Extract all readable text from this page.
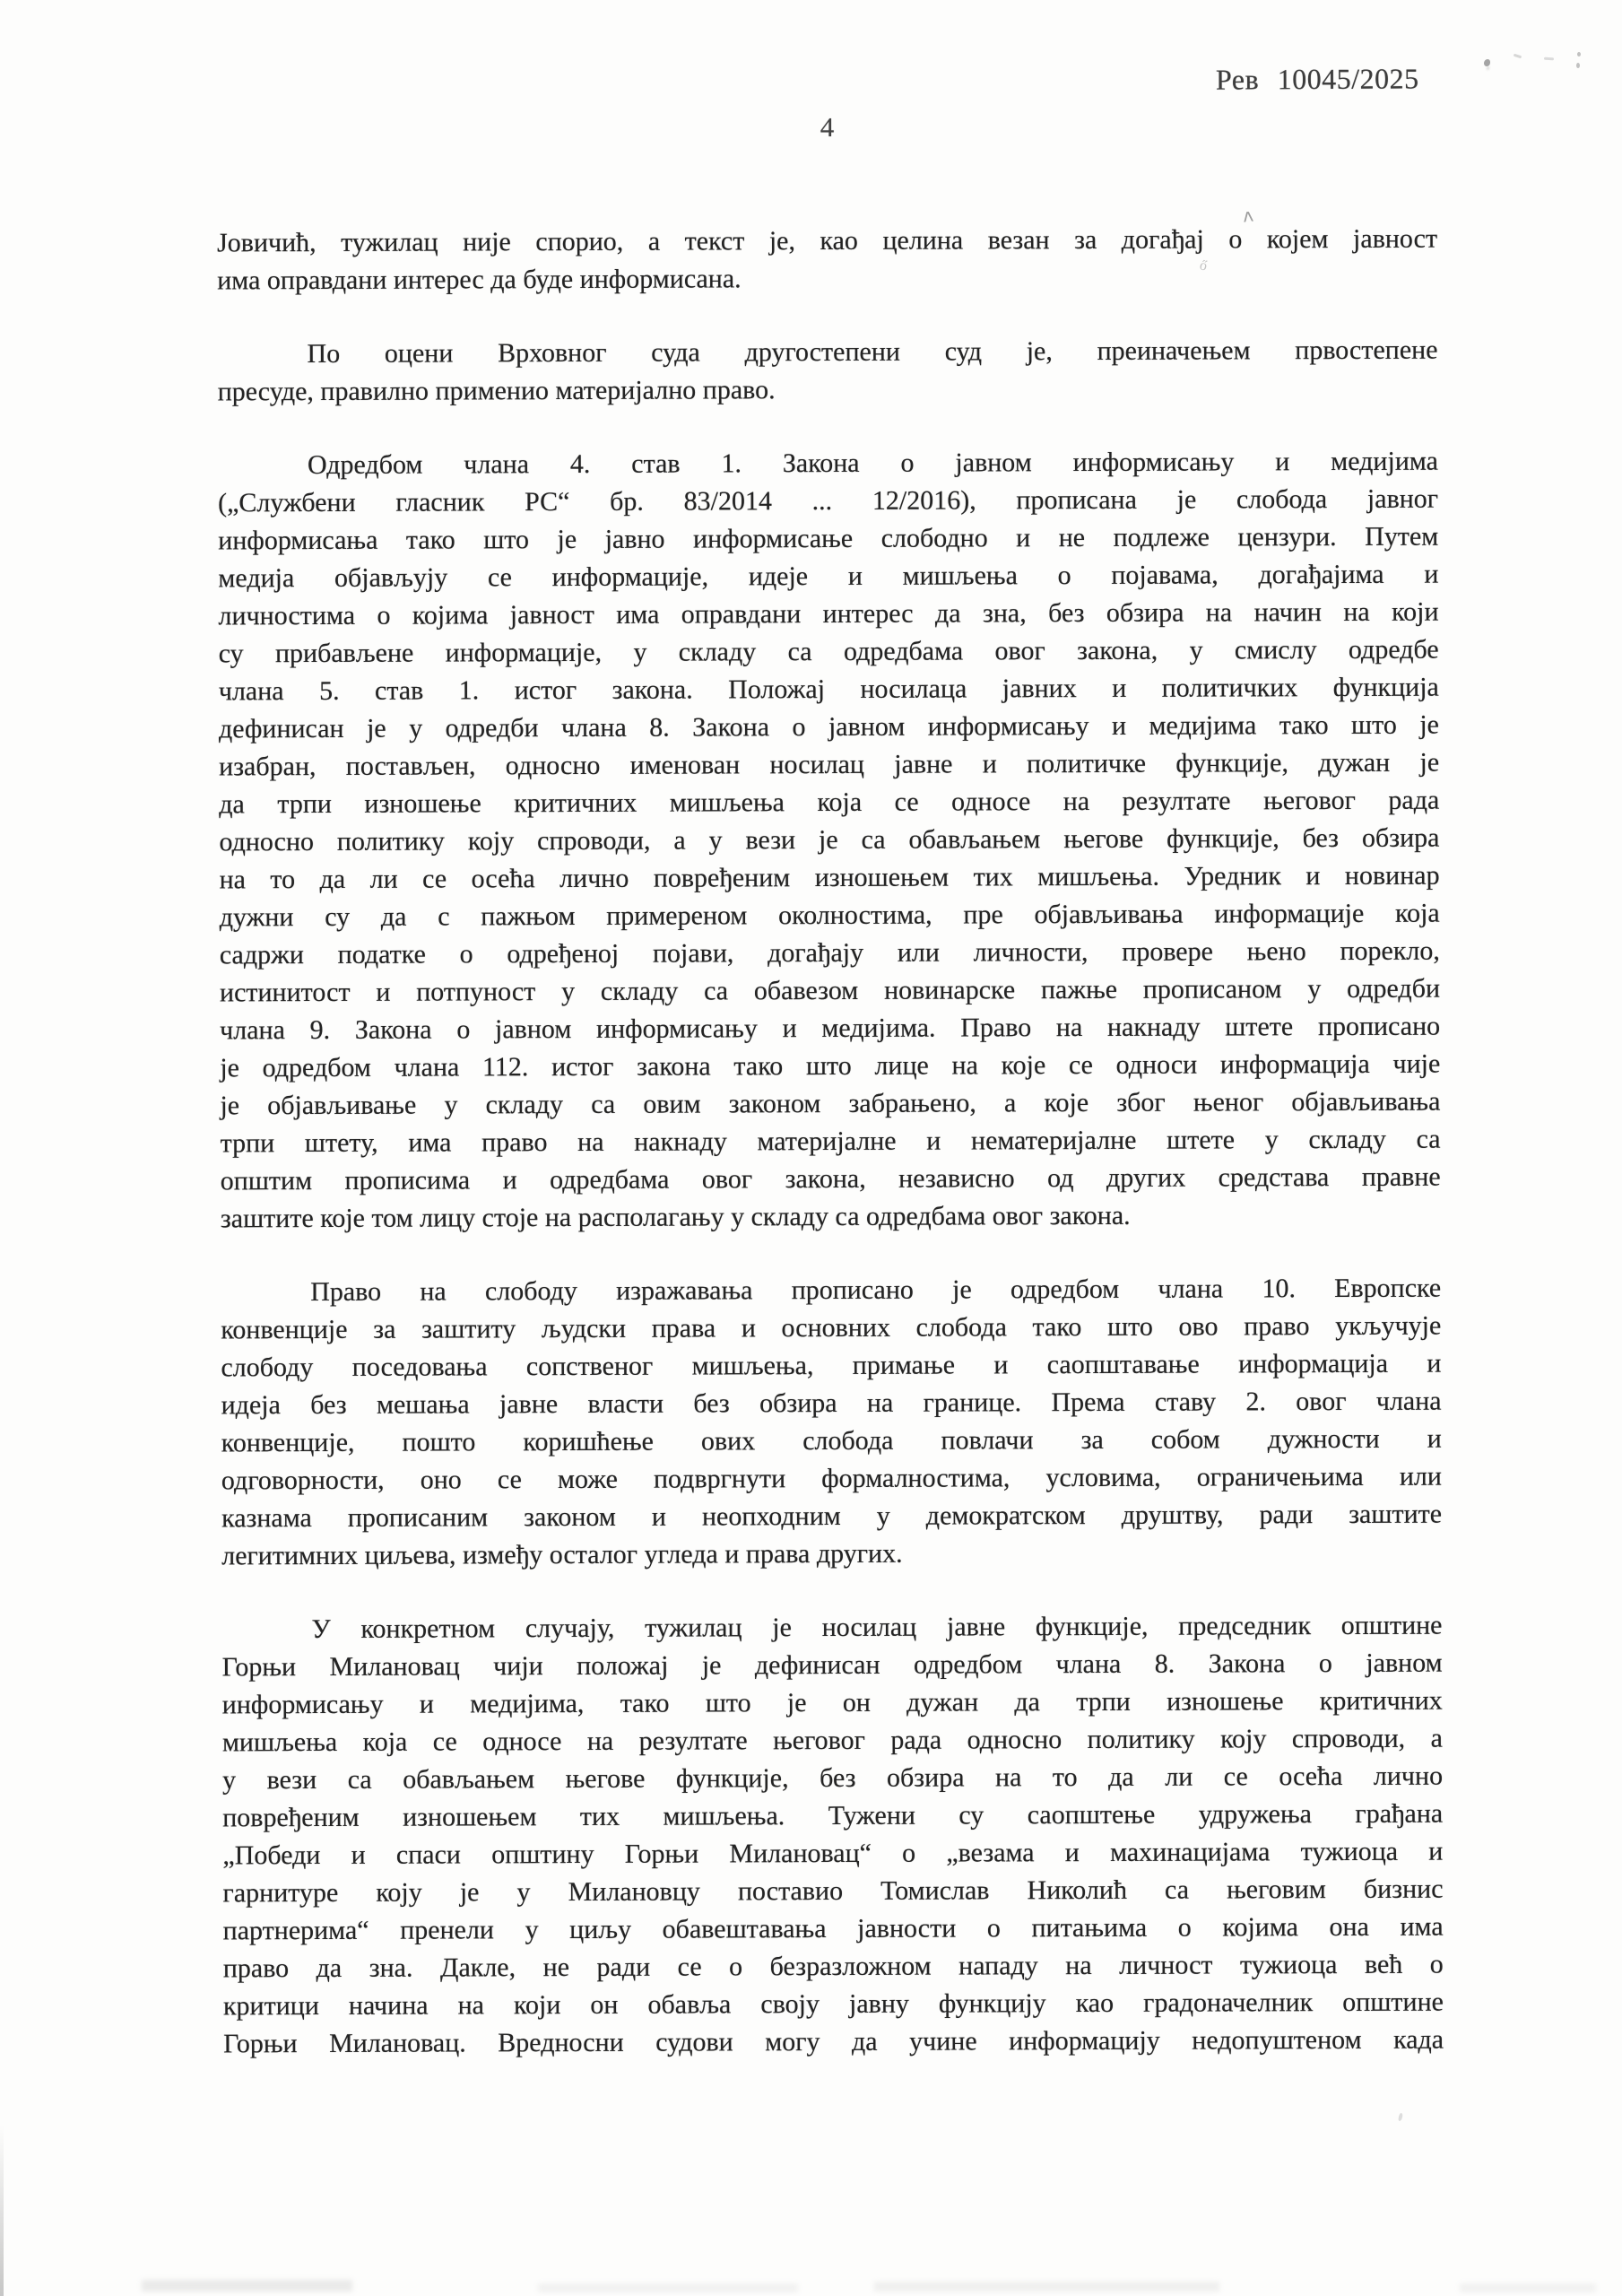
Рев 10045/2025
4
ʌ
ő
Јовичић, тужилац није спорио, а текст је, као целина везан за догађај о којем јавност
има оправдани интерес да буде информисана.
По оцени Врховног суда другостепени суд је, преиначењем првостепене
пресуде, правилно применио материјално право.
Одредбом члана 4. став 1. Закона о јавном информисању и медијима
(„Службени гласник РС“ бр. 83/2014 ... 12/2016), прописана је слобода јавног
информисања тако што је јавно информисање слободно и не подлеже цензури. Путем
медија објављују се информације, идеје и мишљења о појавама, догађајима и
личностима о којима јавност има оправдани интерес да зна, без обзира на начин на који
су прибављене информације, у складу са одредбама овог закона, у смислу одредбе
члана 5. став 1. истог закона. Положај носилаца јавних и политичких функција
дефинисан је у одредби члана 8. Закона о јавном информисању и медијима тако што је
изабран, постављен, односно именован носилац јавне и политичке функције, дужан је
да трпи изношење критичних мишљења која се односе на резултате његовог рада
односно политику коју спроводи, а у вези је са обављањем његове функције, без обзира
на то да ли се осећа лично повређеним изношењем тих мишљења. Уредник и новинар
дужни су да с пажњом примереном околностима, пре објављивања информације која
садржи податке о одређеној појави, догађају или личности, провере њено порекло,
истинитост и потпуност у складу са обавезом новинарске пажње прописаном у одредби
члана 9. Закона о јавном информисању и медијима. Право на накнаду штете прописано
је одредбом члана 112. истог закона тако што лице на које се односи информација чије
је објављивање у складу са овим законом забрањено, а које због њеног објављивања
трпи штету, има право на накнаду материјалне и нематеријалне штете у складу са
општим прописима и одредбама овог закона, независно од других средстава правне
заштите које том лицу стоје на располагању у складу са одредбама овог закона.
Право на слободу изражавања прописано је одредбом члана 10. Европске
конвенције за заштиту људски права и основних слобода тако што ово право укључује
слободу поседовања сопственог мишљења, примање и саопштавање информација и
идеја без мешања јавне власти без обзира на границе. Према ставу 2. овог члана
конвенције, пошто коришћење ових слобода повлачи за собом дужности и
одговорности, оно се може подвргнути формалностима, условима, ограничењима или
казнама прописаним законом и неопходним у демократском друштву, ради заштите
легитимних циљева, између осталог угледа и права других.
У конкретном случају, тужилац је носилац јавне функције, председник општине
Горњи Милановац чији положај је дефинисан одредбом члана 8. Закона о јавном
информисању и медијима, тако што је он дужан да трпи изношење критичних
мишљења која се односе на резултате његовог рада односно политику коју спроводи, а
у вези са обављањем његове функције, без обзира на то да ли се осећа лично
повређеним изношењем тих мишљења. Тужени су саопштење удружења грађана
„Победи и спаси општину Горњи Милановац“ о „везама и махинацијама тужиоца и
гарнитуре коју је у Милановцу поставио Томислав Николић са његовим бизнис
партнерима“ пренели у циљу обавештавања јавности о питањима о којима она има
право да зна. Дакле, не ради се о безразложном нападу на личност тужиоца већ о
критици начина на који он обавља своју јавну функцију као градоначелник општине
Горњи Милановац. Вредносни судови могу да учине информацију недопуштеном када
